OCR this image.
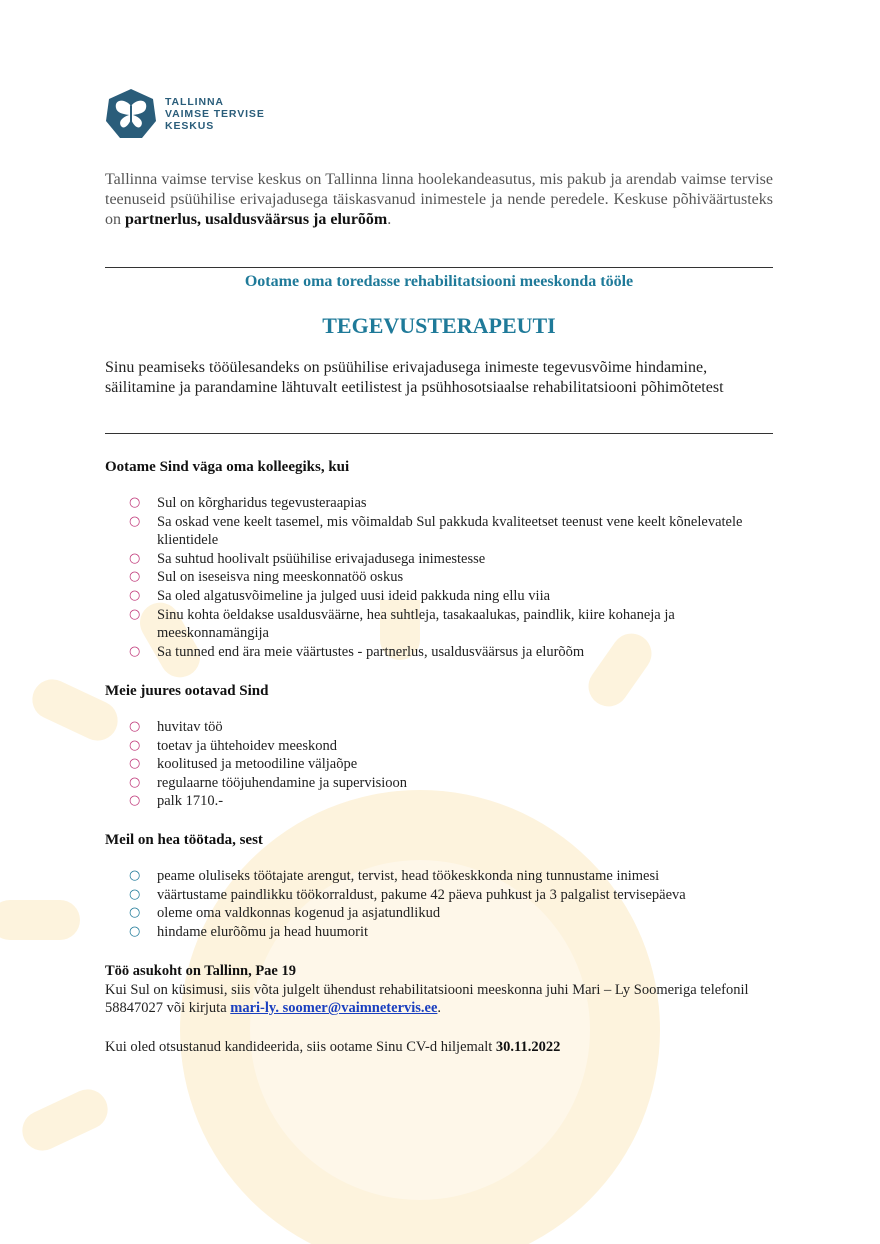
TALLINNA
VAIMSE TERVISE
KESKUS

Tallinna vaimse tervise keskus on Tallinna linna hoolekandeasutus, mis pakub ja arendab vaimse tervise teenuseid psüühilise erivajadusega täiskasvanud inimestele ja nende peredele. Keskuse põhiväärtusteks on partnerlus, usaldusväärsus ja elurõõm.

Ootame oma toredasse rehabilitatsiooni meeskonda tööle

TEGEVUSTERAPEUTI

Sinu peamiseks tööülesandeks on psüühilise erivajadusega inimeste tegevusvõime hindamine, säilitamine ja parandamine lähtuvalt eetilistest ja psühhosotsiaalse rehabilitatsiooni põhimõtetest

Ootame Sind väga oma kolleegiks, kui
○ Sul on kõrgharidus tegevusteraapias
○ Sa oskad vene keelt tasemel, mis võimaldab Sul pakkuda kvaliteetset teenust vene keelt kõnelevatele klientidele
○ Sa suhtud hoolivalt psüühilise erivajadusega inimestesse
○ Sul on iseseisva ning meeskonnatöö oskus
○ Sa oled algatusvõimeline ja julged uusi ideid pakkuda ning ellu viia
○ Sinu kohta öeldakse usaldusväärne, hea suhtleja, tasakaalukas, paindlik, kiire kohaneja ja meeskonnamängija
○ Sa tunned end ära meie väärtustes - partnerlus, usaldusväärsus ja elurõõm
Meie juures ootavad Sind
○ huvitav töö
○ toetav ja ühtehoidev meeskond
○ koolitused ja metoodiline väljaõpe
○ regulaarne tööjuhendamine ja supervisioon
○ palk 1710.-
Meil on hea töötada, sest
○ peame oluliseks töötajate arengut, tervist, head töökeskkonda ning tunnustame inimesi
○ väärtustame paindlikku töökorraldust, pakume 42 päeva puhkust ja 3 palgalist tervisepäeva
○ oleme oma valdkonnas kogenud ja asjatundlikud
○ hindame elurõõmu ja head huumorit

Töö asukoht on Tallinn, Pae 19
Kui Sul on küsimusi, siis võta julgelt ühendust rehabilitatsiooni meeskonna juhi Mari – Ly Soomeriga telefonil 58847027 või kirjuta mari-ly. soomer@vaimnetervis.ee.

Kui oled otsustanud kandideerida, siis ootame Sinu CV-d hiljemalt 30.11.2022
